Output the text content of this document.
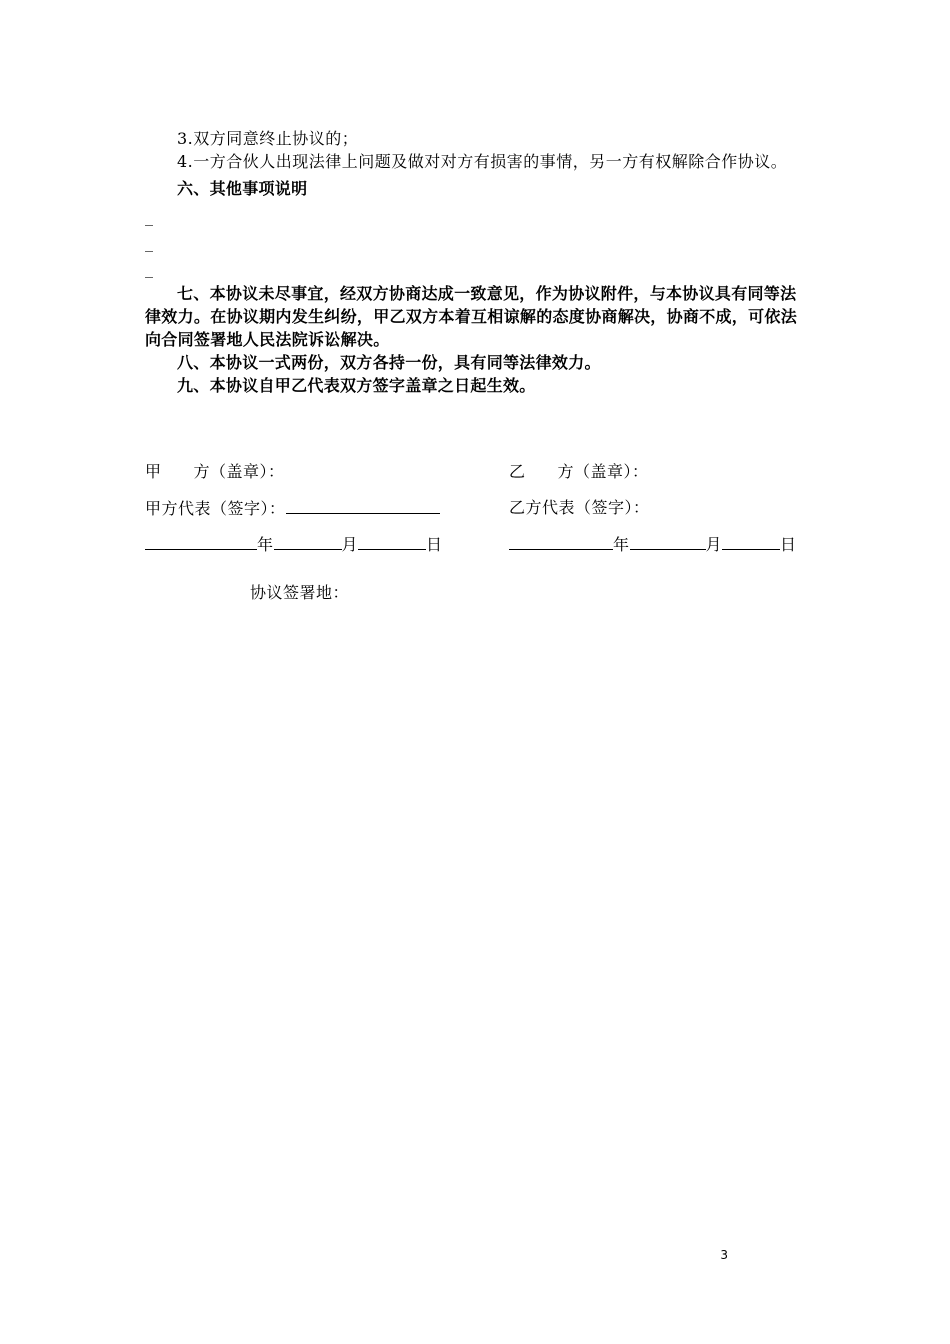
3.双方同意终止协议的；

4.一方合伙人出现法律上问题及做对对方有损害的事情，另一方有权解除合作协议。

六、其他事项说明

_

_

_

七、本协议未尽事宜，经双方协商达成一致意见，作为协议附件，与本协议具有同等法律效力。在协议期内发生纠纷，甲乙双方本着互相谅解的态度协商解决，协商不成，可依法向合同签署地人民法院诉讼解决。

八、本协议一式两份，双方各持一份，具有同等法律效力。

九、本协议自甲乙代表双方签字盖章之日起生效。

甲 方（盖章）：	乙 方（盖章）：
甲方代表（签字）：	乙方代表（签字）：
年	月	日	年	月	日
协议签署地：
3
